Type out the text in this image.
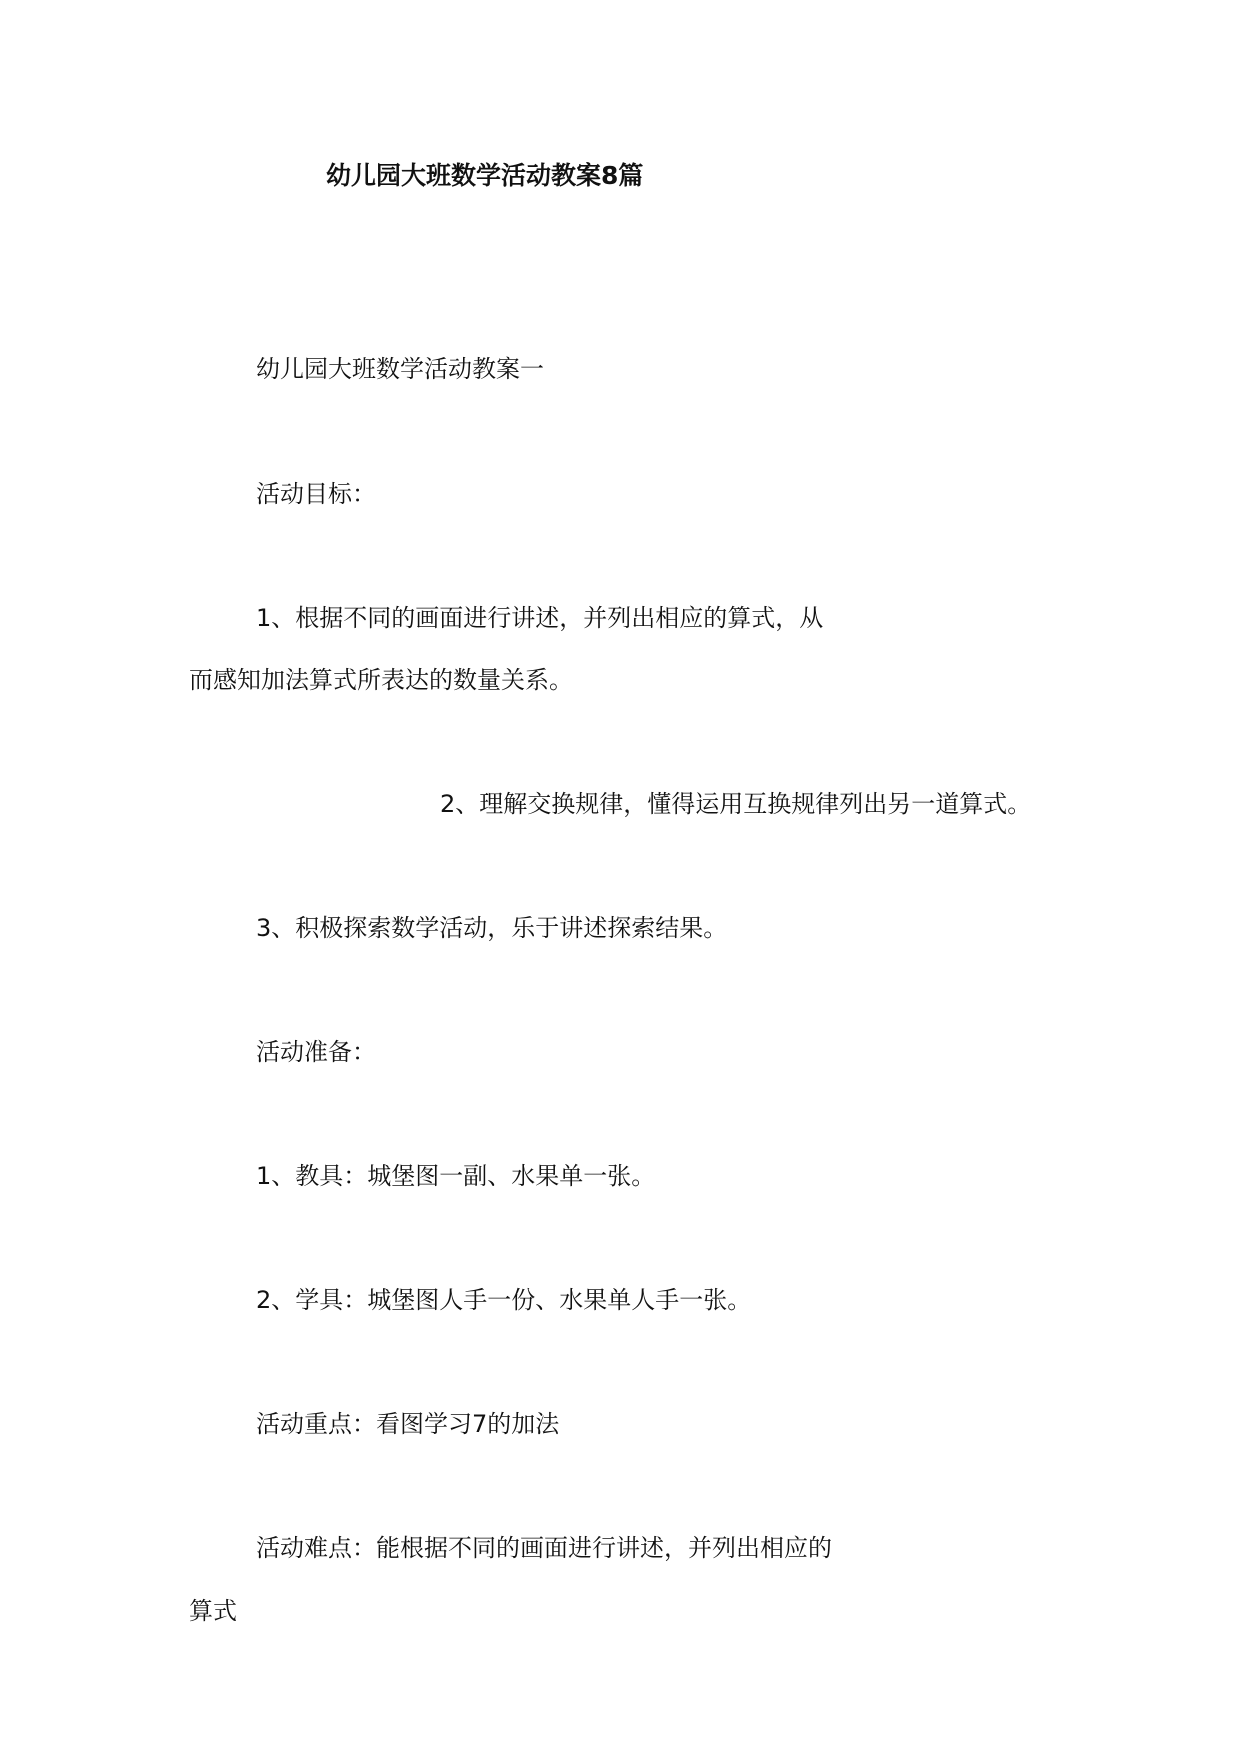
幼儿园大班数学活动教案8篇
幼儿园大班数学活动教案一
活动目标：
1、根据不同的画面进行讲述，并列出相应的算式，从
而感知加法算式所表达的数量关系。
2、理解交换规律，懂得运用互换规律列出另一道算式。
3、积极探索数学活动，乐于讲述探索结果。
活动准备：
1、教具：城堡图一副、水果单一张。
2、学具：城堡图人手一份、水果单人手一张。
活动重点：看图学习7的加法
活动难点：能根据不同的画面进行讲述，并列出相应的
算式
